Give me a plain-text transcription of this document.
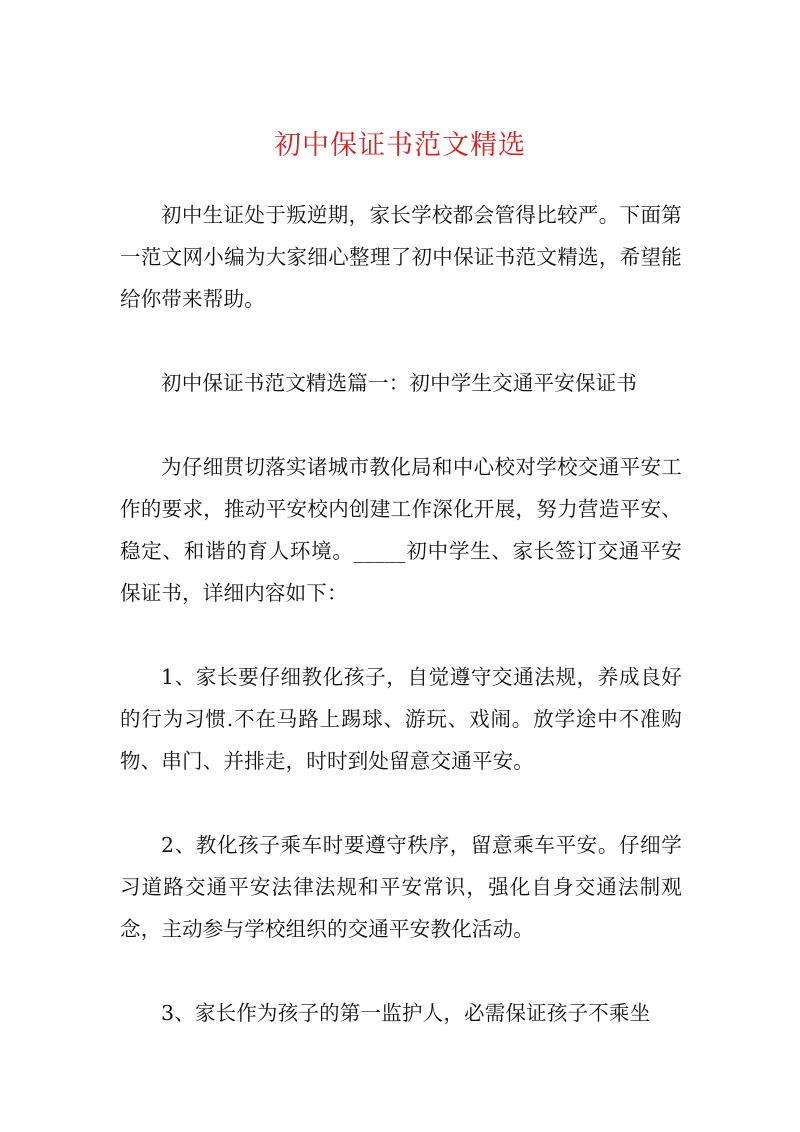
初中保证书范文精选

初中生证处于叛逆期，家长学校都会管得比较严。下面第一范文网小编为大家细心整理了初中保证书范文精选，希望能给你带来帮助。

初中保证书范文精选篇一：初中学生交通平安保证书

为仔细贯切落实诸城市教化局和中心校对学校交通平安工作的要求，推动平安校内创建工作深化开展，努力营造平安、稳定、和谐的育人环境。_____初中学生、家长签订交通平安保证书，详细内容如下：

1、家长要仔细教化孩子，自觉遵守交通法规，养成良好的行为习惯.不在马路上踢球、游玩、戏闹。放学途中不准购物、串门、并排走，时时到处留意交通平安。

2、教化孩子乘车时要遵守秩序，留意乘车平安。仔细学习道路交通平安法律法规和平安常识，强化自身交通法制观念，主动参与学校组织的交通平安教化活动。

3、家长作为孩子的第一监护人，必需保证孩子不乘坐
